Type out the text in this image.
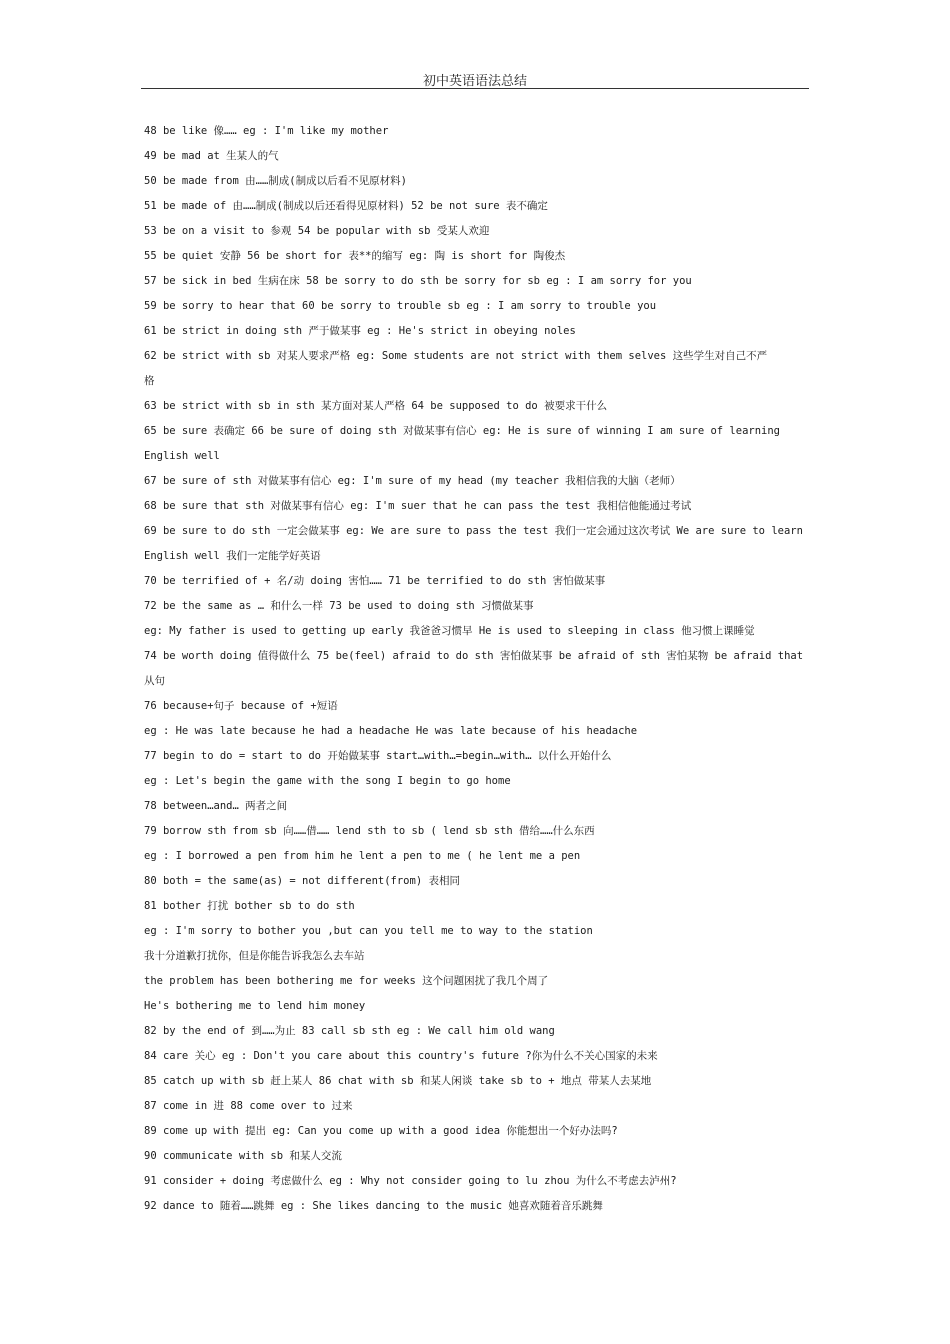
初中英语语法总结
48 be like 像…… eg : I'm like my mother
49 be mad at 生某人的气
50 be made from 由……制成(制成以后看不见原材料)
51 be made of 由……制成(制成以后还看得见原材料) 52 be not sure 表不确定
53 be on a visit to 参观 54 be popular with sb 受某人欢迎
55 be quiet 安静 56 be short for 表**的缩写 eg: 陶 is short for 陶俊杰
57 be sick in bed 生病在床 58 be sorry to do sth be sorry for sb eg : I am sorry for you
59 be sorry to hear that 60 be sorry to trouble sb eg : I am sorry to trouble you
61 be strict in doing sth 严于做某事 eg : He's strict in obeying noles
62 be strict with sb 对某人要求严格 eg: Some students are not strict with them selves 这些学生对自己不严
格
63 be strict with sb in sth 某方面对某人严格 64 be supposed to do 被要求干什么
65 be sure 表确定 66 be sure of doing sth 对做某事有信心 eg: He is sure of winning I am sure of learning
English well
67 be sure of sth 对做某事有信心 eg: I'm sure of my head (my teacher 我相信我的大脑（老师）
68 be sure that sth 对做某事有信心 eg: I'm suer that he can pass the test 我相信他能通过考试
69 be sure to do sth 一定会做某事 eg: We are sure to pass the test 我们一定会通过这次考试 We are sure to learn
English well 我们一定能学好英语
70 be terrified of + 名/动 doing 害怕…… 71 be terrified to do sth 害怕做某事
72 be the same as … 和什么一样 73 be used to doing sth 习惯做某事
eg: My father is used to getting up early 我爸爸习惯早 He is used to sleeping in class 他习惯上课睡觉
74 be worth doing 值得做什么 75 be(feel) afraid to do sth 害怕做某事 be afraid of sth 害怕某物 be afraid that
从句
76 because+句子 because of +短语
eg : He was late because he had a headache He was late because of his headache
77 begin to do = start to do 开始做某事 start…with…=begin…with… 以什么开始什么
eg : Let's begin the game with the song I begin to go home
78 between…and… 两者之间
79 borrow sth from sb 向……借…… lend sth to sb ( lend sb sth 借给……什么东西
eg : I borrowed a pen from him he lent a pen to me ( he lent me a pen
80 both = the same(as) = not different(from) 表相同
81 bother 打扰 bother sb to do sth
eg : I'm sorry to bother you ,but can you tell me to way to the station
我十分道歉打扰你，但是你能告诉我怎么去车站
the problem has been bothering me for weeks 这个问题困扰了我几个周了
He's bothering me to lend him money
82 by the end of 到……为止 83 call sb sth eg : We call him old wang
84 care 关心 eg : Don't you care about this country's future ?你为什么不关心国家的未来
85 catch up with sb 赶上某人 86 chat with sb 和某人闲谈 take sb to + 地点 带某人去某地
87 come in 进 88 come over to 过来
89 come up with 提出 eg: Can you come up with a good idea 你能想出一个好办法吗?
90 communicate with sb 和某人交流
91 consider + doing 考虑做什么 eg : Why not consider going to lu zhou 为什么不考虑去泸州?
92 dance to 随着……跳舞 eg : She likes dancing to the music 她喜欢随着音乐跳舞
